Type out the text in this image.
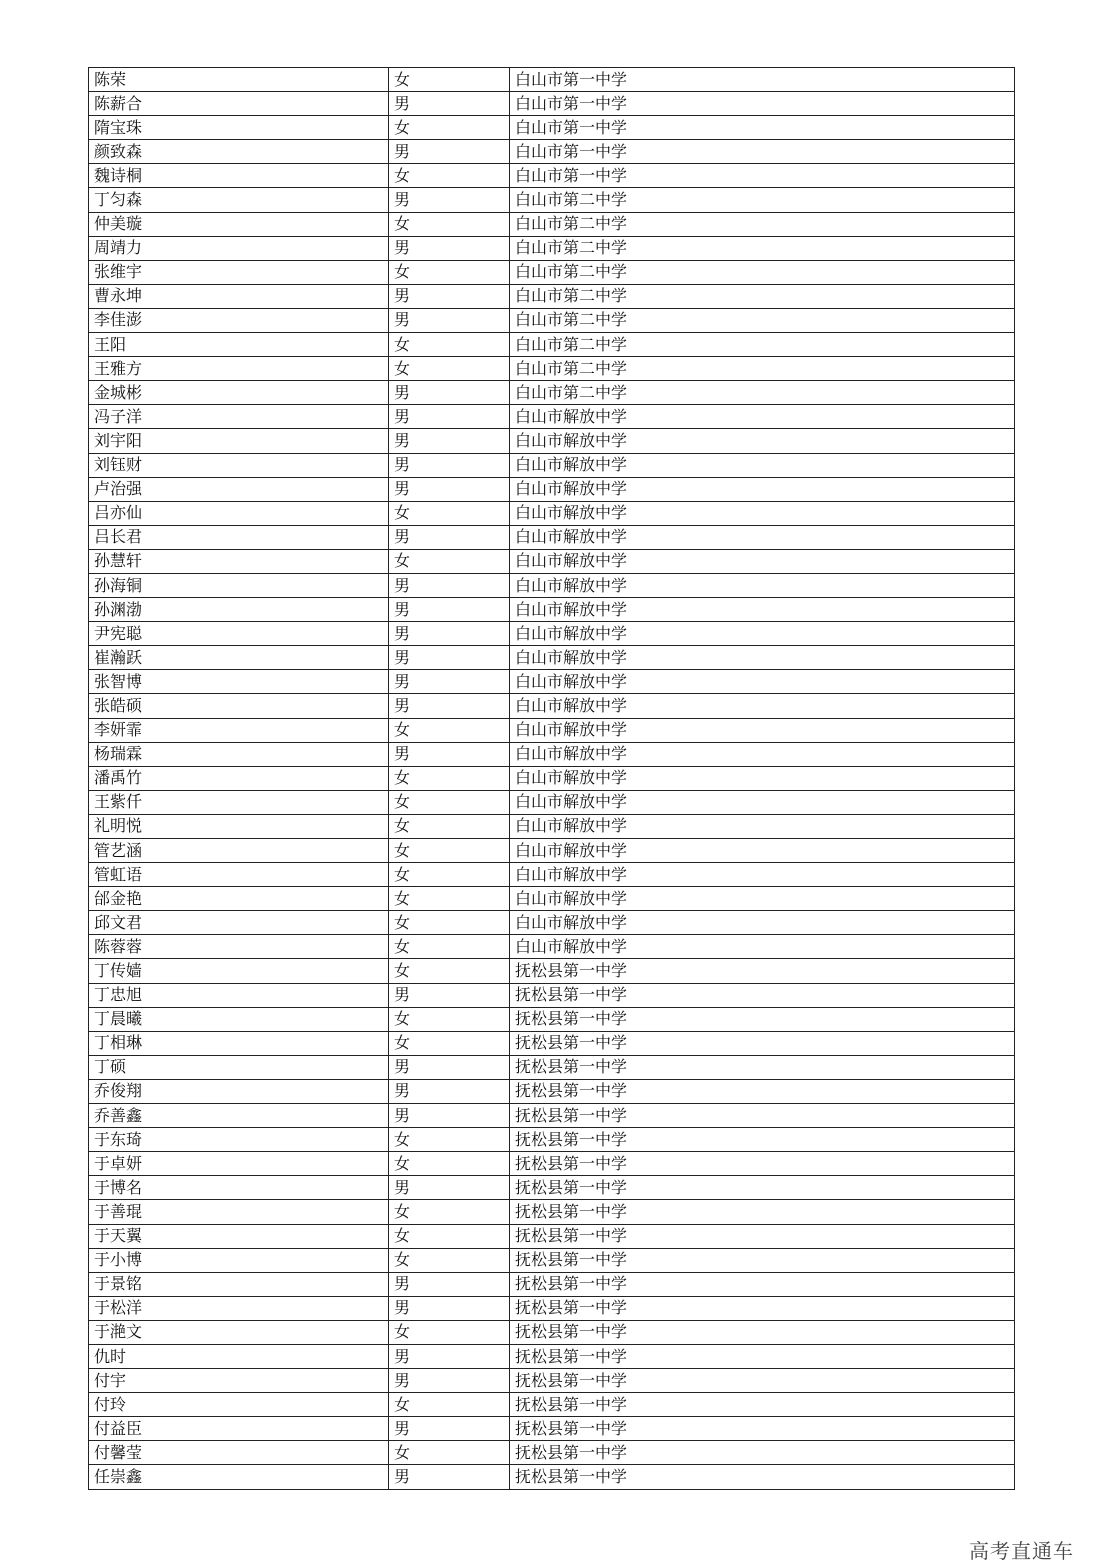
陈荣	女	白山市第一中学
陈薪合	男	白山市第一中学
隋宝珠	女	白山市第一中学
颜致森	男	白山市第一中学
魏诗桐	女	白山市第一中学
丁匀森	男	白山市第二中学
仲美璇	女	白山市第二中学
周靖力	男	白山市第二中学
张维宇	女	白山市第二中学
曹永坤	男	白山市第二中学
李佳澎	男	白山市第二中学
王阳	女	白山市第二中学
王雅方	女	白山市第二中学
金城彬	男	白山市第二中学
冯子洋	男	白山市解放中学
刘宇阳	男	白山市解放中学
刘钰财	男	白山市解放中学
卢治强	男	白山市解放中学
吕亦仙	女	白山市解放中学
吕长君	男	白山市解放中学
孙慧轩	女	白山市解放中学
孙海铜	男	白山市解放中学
孙渊渤	男	白山市解放中学
尹宪聪	男	白山市解放中学
崔瀚跃	男	白山市解放中学
张智博	男	白山市解放中学
张皓硕	男	白山市解放中学
李妍霏	女	白山市解放中学
杨瑞霖	男	白山市解放中学
潘禹竹	女	白山市解放中学
王紫仟	女	白山市解放中学
礼明悦	女	白山市解放中学
管艺涵	女	白山市解放中学
管虹语	女	白山市解放中学
邰金艳	女	白山市解放中学
邱文君	女	白山市解放中学
陈蓉蓉	女	白山市解放中学
丁传嫱	女	抚松县第一中学
丁忠旭	男	抚松县第一中学
丁晨曦	女	抚松县第一中学
丁相琳	女	抚松县第一中学
丁硕	男	抚松县第一中学
乔俊翔	男	抚松县第一中学
乔善鑫	男	抚松县第一中学
于东琦	女	抚松县第一中学
于卓妍	女	抚松县第一中学
于博名	男	抚松县第一中学
于善琨	女	抚松县第一中学
于天翼	女	抚松县第一中学
于小博	女	抚松县第一中学
于景铭	男	抚松县第一中学
于松洋	男	抚松县第一中学
于滟文	女	抚松县第一中学
仇时	男	抚松县第一中学
付宇	男	抚松县第一中学
付玲	女	抚松县第一中学
付益臣	男	抚松县第一中学
付馨莹	女	抚松县第一中学
任崇鑫	男	抚松县第一中学
高考直通车
